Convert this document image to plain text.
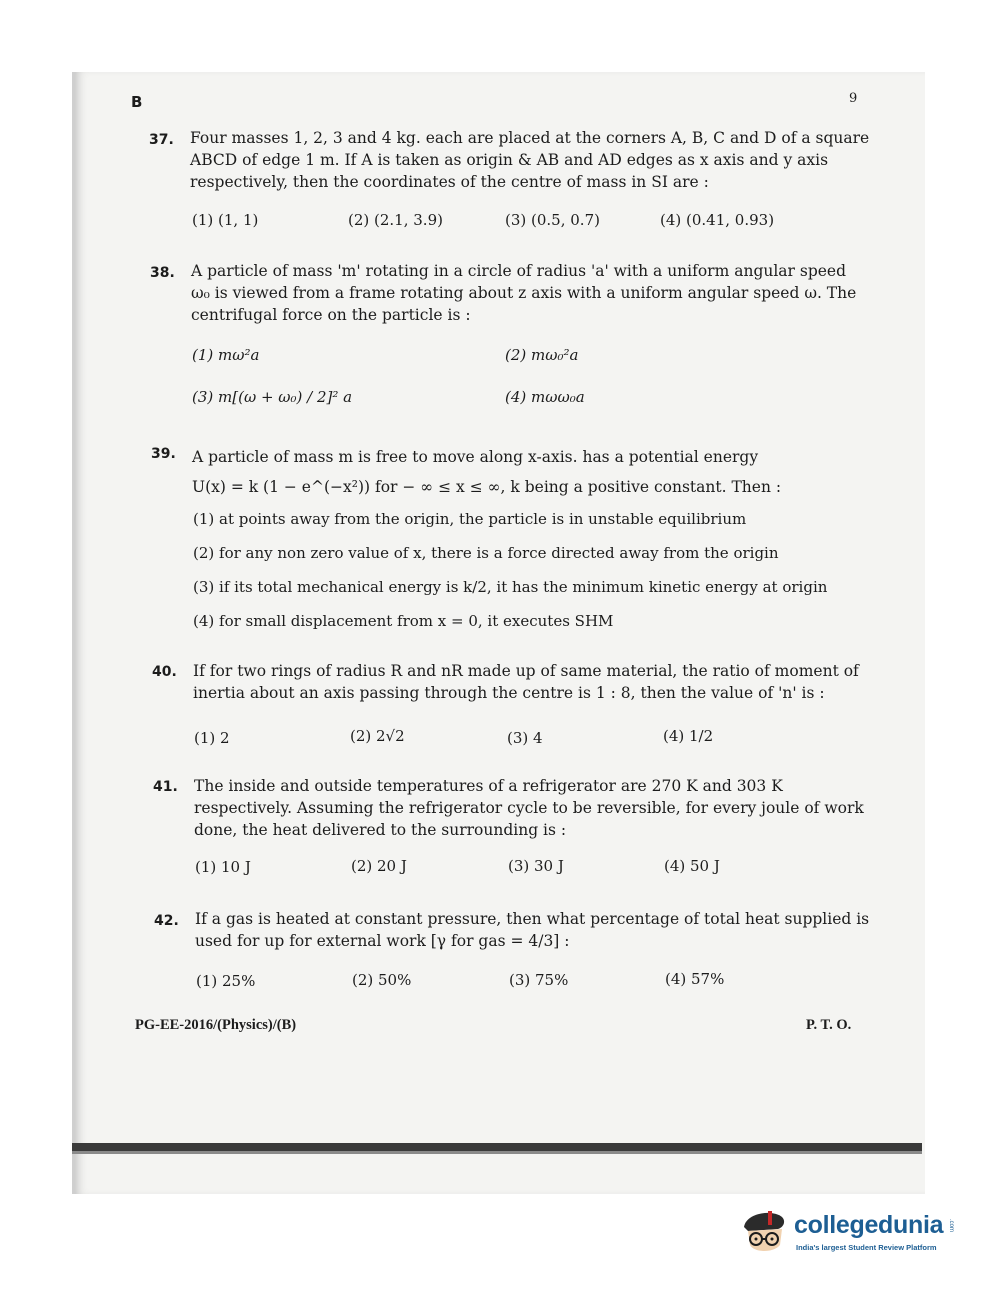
B	9
37. Four masses 1, 2, 3 and 4 kg. each are placed at the corners A, B, C and D of a square
ABCD of edge 1 m. If A is taken as origin & AB and AD edges as x axis and y axis
respectively, then the coordinates of the centre of mass in SI are :
(1) (1, 1)	(2) (2.1, 3.9)	(3) (0.5, 0.7)	(4) (0.41, 0.93)
38. A particle of mass 'm' rotating in a circle of radius 'a' with a uniform angular speed
ω₀ is viewed from a frame rotating about z axis with a uniform angular speed ω. The
centrifugal force on the particle is :
(1) mω²a	(2) mω₀²a
(3) m[(ω + ω₀) / 2]² a	(4) mωω₀a
39. A particle of mass m is free to move along x-axis. has a potential energy
U(x) = k (1 − e^(−x²)) for − ∞ ≤ x ≤ ∞, k being a positive constant. Then :
(1) at points away from the origin, the particle is in unstable equilibrium
(2) for any non zero value of x, there is a force directed away from the origin
(3) if its total mechanical energy is k/2, it has the minimum kinetic energy at origin
(4) for small displacement from x = 0, it executes SHM
40. If for two rings of radius R and nR made up of same material, the ratio of moment of
inertia about an axis passing through the centre is 1 : 8, then the value of 'n' is :
(1) 2	(2) 2√2	(3) 4	(4) 1/2
41. The inside and outside temperatures of a refrigerator are 270 K and 303 K
respectively. Assuming the refrigerator cycle to be reversible, for every joule of work
done, the heat delivered to the surrounding is :
(1) 10 J	(2) 20 J	(3) 30 J	(4) 50 J
42. If a gas is heated at constant pressure, then what percentage of total heat supplied is
used for up for external work [γ for gas = 4/3] :
(1) 25%	(2) 50%	(3) 75%	(4) 57%
PG-EE-2016/(Physics)/(B)	P. T. O.
collegedunia .com
India's largest Student Review Platform
